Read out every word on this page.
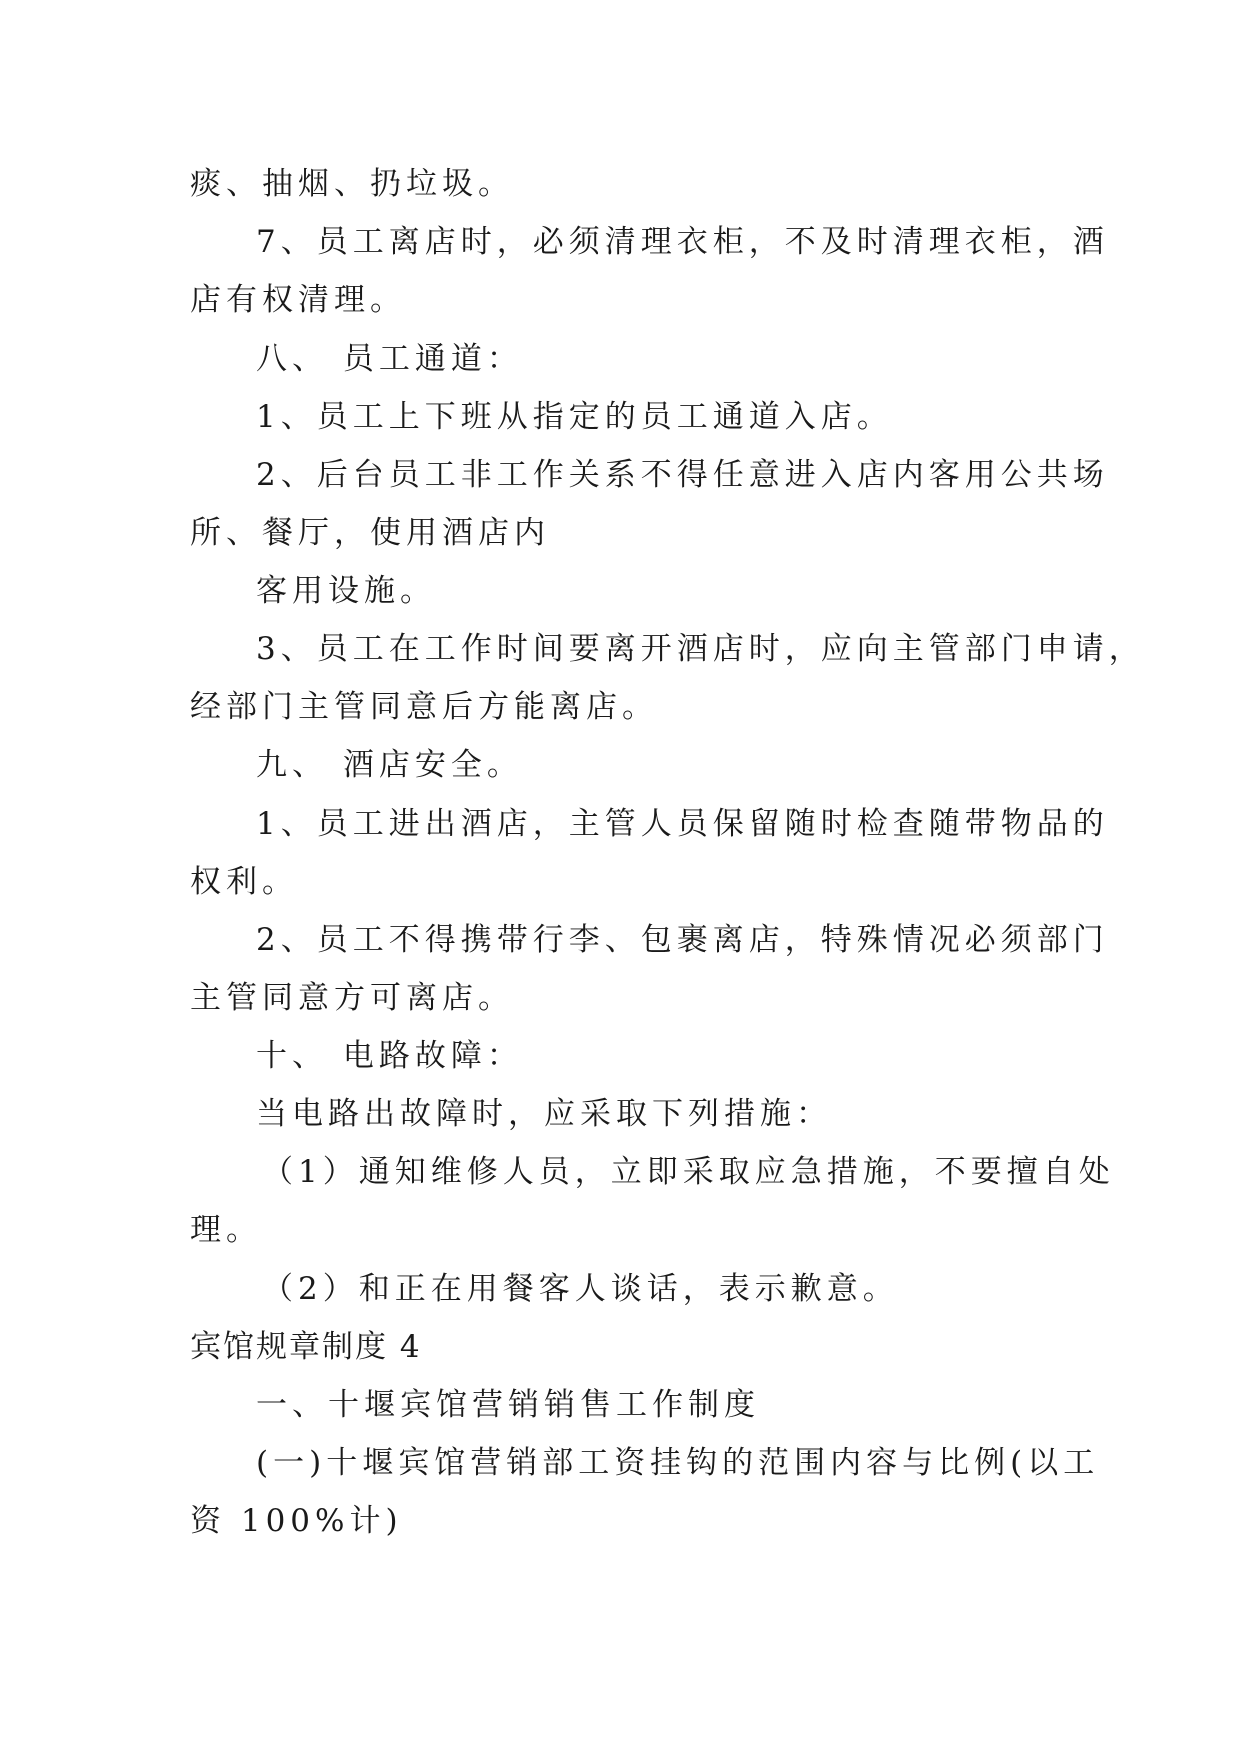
痰、抽烟、扔垃圾。
7、员工离店时，必须清理衣柜，不及时清理衣柜，酒
店有权清理。
八、 员工通道：
1、员工上下班从指定的员工通道入店。
2、后台员工非工作关系不得任意进入店内客用公共场
所、餐厅，使用酒店内
客用设施。
3、员工在工作时间要离开酒店时，应向主管部门申请，
经部门主管同意后方能离店。
九、 酒店安全。
1、员工进出酒店，主管人员保留随时检查随带物品的
权利。
2、员工不得携带行李、包裹离店，特殊情况必须部门
主管同意方可离店。
十、 电路故障：
当电路出故障时，应采取下列措施：
（1）通知维修人员，立即采取应急措施，不要擅自处
理。
（2）和正在用餐客人谈话，表示歉意。
宾馆规章制度 4
一、十堰宾馆营销销售工作制度
(一)十堰宾馆营销部工资挂钩的范围内容与比例(以工
资 100%计)
